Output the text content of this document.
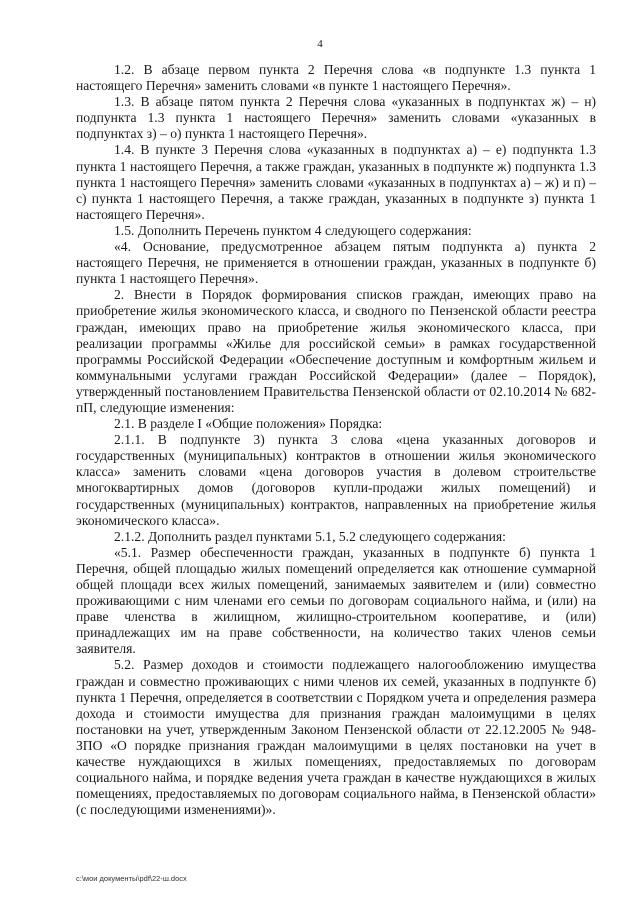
4

1.2. В абзаце первом пункта 2 Перечня слова «в подпункте 1.3 пункта 1 настоящего Перечня» заменить словами «в пункте 1 настоящего Перечня».

1.3. В абзаце пятом пункта 2 Перечня слова «указанных в подпунктах ж) – н) подпункта 1.3 пункта 1 настоящего Перечня» заменить словами «указанных в подпунктах з) – о) пункта 1 настоящего Перечня».

1.4. В пункте 3 Перечня слова «указанных в подпунктах а) – е) подпункта 1.3 пункта 1 настоящего Перечня, а также граждан, указанных в подпункте ж) подпункта 1.3 пункта 1 настоящего Перечня» заменить словами «указанных в подпунктах а) – ж) и п) – с) пункта 1 настоящего Перечня, а также граждан, указанных в подпункте з) пункта 1 настоящего Перечня».

1.5. Дополнить Перечень пунктом 4 следующего содержания:

«4. Основание, предусмотренное абзацем пятым подпункта а) пункта 2 настоящего Перечня, не применяется в отношении граждан, указанных в подпункте б) пункта 1 настоящего Перечня».

2. Внести в Порядок формирования списков граждан, имеющих право на приобретение жилья экономического класса, и сводного по Пензенской области реестра граждан, имеющих право на приобретение жилья экономического класса, при реализации программы «Жилье для российской семьи» в рамках государственной программы Российской Федерации «Обеспечение доступным и комфортным жильем и коммунальными услугами граждан Российской Федерации» (далее – Порядок), утвержденный постановлением Правительства Пензенской области от 02.10.2014 № 682-пП, следующие изменения:

2.1. В разделе I «Общие положения» Порядка:

2.1.1. В подпункте 3) пункта 3 слова «цена указанных договоров и государственных (муниципальных) контрактов в отношении жилья экономического класса» заменить словами «цена договоров участия в долевом строительстве многоквартирных домов (договоров купли-продажи жилых помещений) и государственных (муниципальных) контрактов, направленных на приобретение жилья экономического класса».

2.1.2. Дополнить раздел пунктами 5.1, 5.2 следующего содержания:

«5.1. Размер обеспеченности граждан, указанных в подпункте б) пункта 1 Перечня, общей площадью жилых помещений определяется как отношение суммарной общей площади всех жилых помещений, занимаемых заявителем и (или) совместно проживающими с ним членами его семьи по договорам социального найма, и (или) на праве членства в жилищном, жилищно-строительном кооперативе, и (или) принадлежащих им на праве собственности, на количество таких членов семьи заявителя.

5.2. Размер доходов и стоимости подлежащего налогообложению имущества граждан и совместно проживающих с ними членов их семей, указанных в подпункте б) пункта 1 Перечня, определяется в соответствии с Порядком учета и определения размера дохода и стоимости имущества для признания граждан малоимущими в целях постановки на учет, утвержденным Законом Пензенской области от 22.12.2005 № 948-ЗПО «О порядке признания граждан малоимущими в целях постановки на учет в качестве нуждающихся в жилых помещениях, предоставляемых по договорам социального найма, и порядке ведения учета граждан в качестве нуждающихся в жилых помещениях, предоставляемых по договорам социального найма, в Пензенской области» (с последующими изменениями)».

c:\мои документы\pdf\22-ш.docx
